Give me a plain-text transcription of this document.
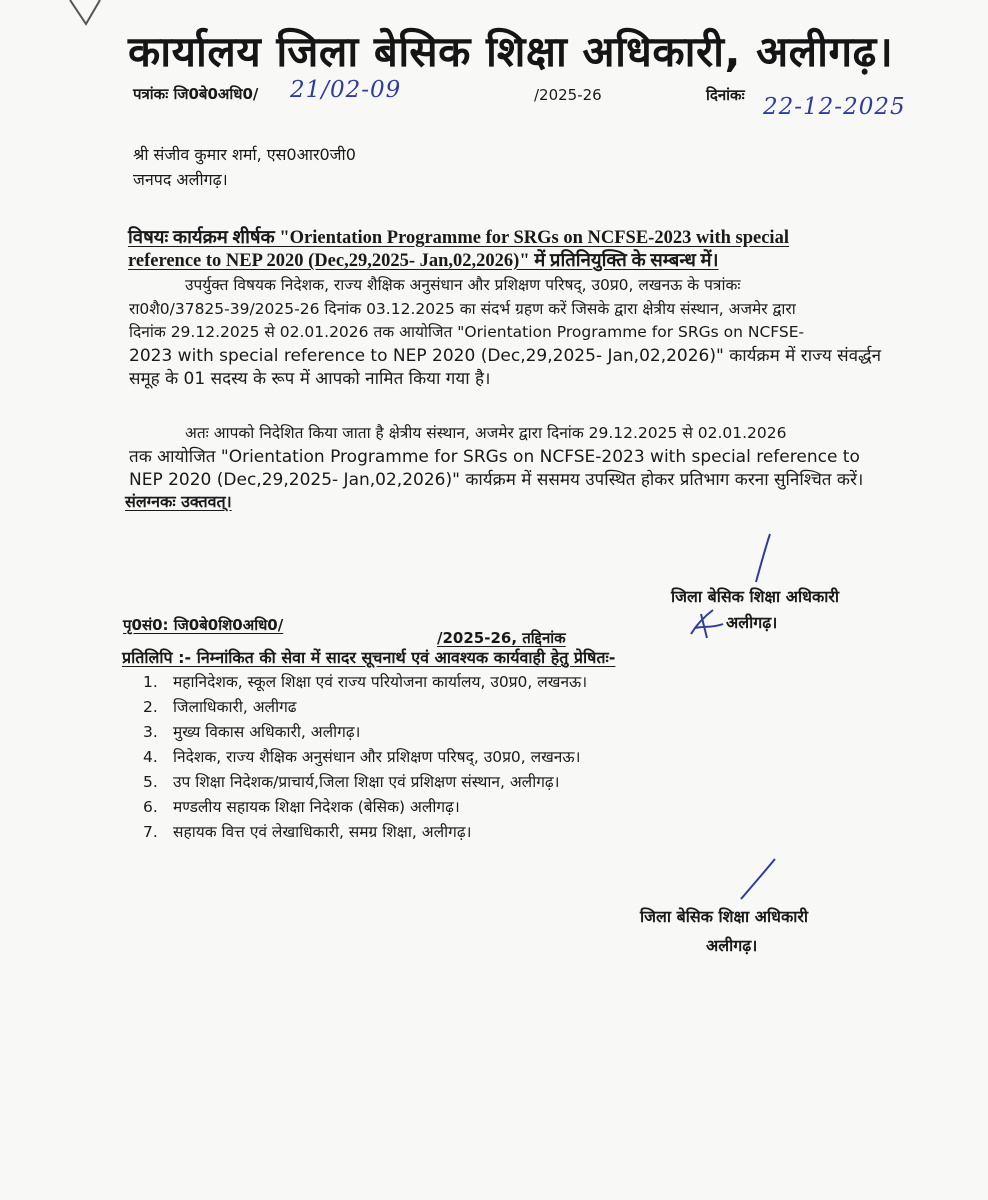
कार्यालय जिला बेसिक शिक्षा अधिकारी, अलीगढ़।
पत्रांकः जि0बे0अधि0/ 21/02-09	/2025-26	दिनांकः 22-12-2025
श्री संजीव कुमार शर्मा, एस0आर0जी0
जनपद अलीगढ़।
विषयः कार्यक्रम शीर्षक "Orientation Programme for SRGs on NCFSE-2023 with special
reference to NEP 2020 (Dec,29,2025- Jan,02,2026)" में प्रतिनियुक्ति के सम्बन्ध में।
उपर्युक्त विषयक निदेशक, राज्य शैक्षिक अनुसंधान और प्रशिक्षण परिषद्, उ0प्र0, लखनऊ के पत्रांकः
रा0शै0/37825-39/2025-26 दिनांक 03.12.2025 का संदर्भ ग्रहण करें जिसके द्वारा क्षेत्रीय संस्थान, अजमेर द्वारा
दिनांक 29.12.2025 से 02.01.2026 तक आयोजित "Orientation Programme for SRGs on NCFSE-
2023 with special reference to NEP 2020 (Dec,29,2025- Jan,02,2026)" कार्यक्रम में राज्य संवर्द्धन
समूह के 01 सदस्य के रूप में आपको नामित किया गया है।
अतः आपको निदेशित किया जाता है क्षेत्रीय संस्थान, अजमेर द्वारा दिनांक 29.12.2025 से 02.01.2026
तक आयोजित "Orientation Programme for SRGs on NCFSE-2023 with special reference to
NEP 2020 (Dec,29,2025- Jan,02,2026)" कार्यक्रम में ससमय उपस्थित होकर प्रतिभाग करना सुनिश्चित करें।
संलग्नकः उक्तवत्।
जिला बेसिक शिक्षा अधिकारी
अलीगढ़।
पृ0सं0: जि0बे0शि0अधि0/
/2025-26, तद्दिनांक
प्रतिलिपि :- निम्नांकित की सेवा में सादर सूचनार्थ एवं आवश्यक कार्यवाही हेतु प्रेषितः-
1. महानिदेशक, स्कूल शिक्षा एवं राज्य परियोजना कार्यालय, उ0प्र0, लखनऊ।
2. जिलाधिकारी, अलीगढ
3. मुख्य विकास अधिकारी, अलीगढ़।
4. निदेशक, राज्य शैक्षिक अनुसंधान और प्रशिक्षण परिषद्, उ0प्र0, लखनऊ।
5. उप शिक्षा निदेशक/प्राचार्य,जिला शिक्षा एवं प्रशिक्षण संस्थान, अलीगढ़।
6. मण्डलीय सहायक शिक्षा निदेशक (बेसिक) अलीगढ़।
7. सहायक वित्त एवं लेखाधिकारी, समग्र शिक्षा, अलीगढ़।
जिला बेसिक शिक्षा अधिकारी
अलीगढ़।
